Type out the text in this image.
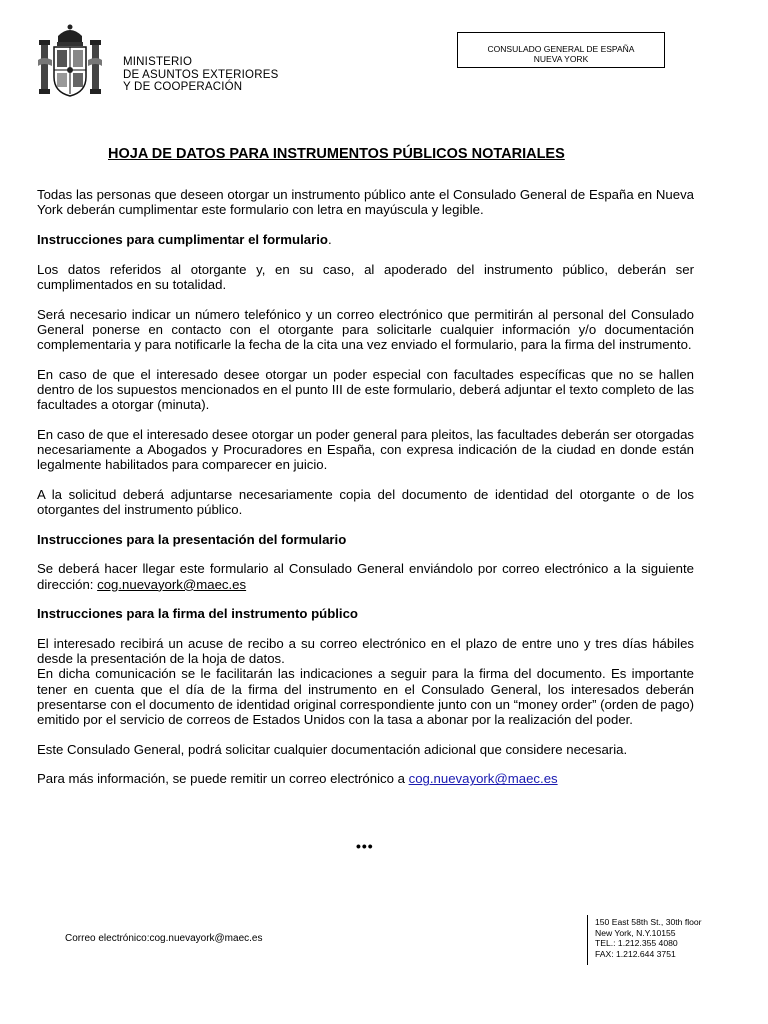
MINISTERIO
DE ASUNTOS EXTERIORES
Y DE COOPERACIÓN
CONSULADO GENERAL DE ESPAÑA
NUEVA YORK
HOJA DE DATOS PARA INSTRUMENTOS PÚBLICOS NOTARIALES

Todas las personas que deseen otorgar un instrumento público ante el Consulado General de España en Nueva York deberán cumplimentar este formulario con letra en mayúscula y legible.

Instrucciones para cumplimentar el formulario.

Los datos referidos al otorgante y, en su caso, al apoderado del instrumento público, deberán ser cumplimentados en su totalidad.

Será necesario indicar un número telefónico y un correo electrónico que permitirán al personal del Consulado General ponerse en contacto con el otorgante para solicitarle cualquier información y/o documentación complementaria y para notificarle la fecha de la cita una vez enviado el formulario, para la firma del instrumento.

En caso de que el interesado desee otorgar un poder especial con facultades específicas que no se hallen dentro de los supuestos mencionados en el punto III de este formulario, deberá adjuntar el texto completo de las facultades a otorgar (minuta).

En caso de que el interesado desee otorgar un poder general para pleitos, las facultades deberán ser otorgadas necesariamente a Abogados y Procuradores en España, con expresa indicación de la ciudad en donde están legalmente habilitados para comparecer en juicio.

A la solicitud deberá adjuntarse necesariamente copia del documento de identidad del otorgante o de los otorgantes del instrumento público.

Instrucciones para la presentación del formulario

Se deberá hacer llegar este formulario al Consulado General enviándolo por correo electrónico a la siguiente dirección: cog.nuevayork@maec.es

Instrucciones para la firma del instrumento público

El interesado recibirá un acuse de recibo a su correo electrónico en el plazo de entre uno y tres días hábiles desde la presentación de la hoja de datos.

En dicha comunicación se le facilitarán las indicaciones a seguir para la firma del documento. Es importante tener en cuenta que el día de la firma del instrumento en el Consulado General, los interesados deberán presentarse con el documento de identidad original correspondiente junto con un “money order” (orden de pago) emitido por el servicio de correos de Estados Unidos con la tasa a abonar por la realización del poder.

Este Consulado General, podrá solicitar cualquier documentación adicional que considere necesaria.

Para más información, se puede remitir un correo electrónico a cog.nuevayork@maec.es

•••
Correo electrónico:cog.nuevayork@maec.es
150 East 58th St., 30th floor
New York, N.Y.10155
TEL.: 1.212.355 4080
FAX: 1.212.644 3751
